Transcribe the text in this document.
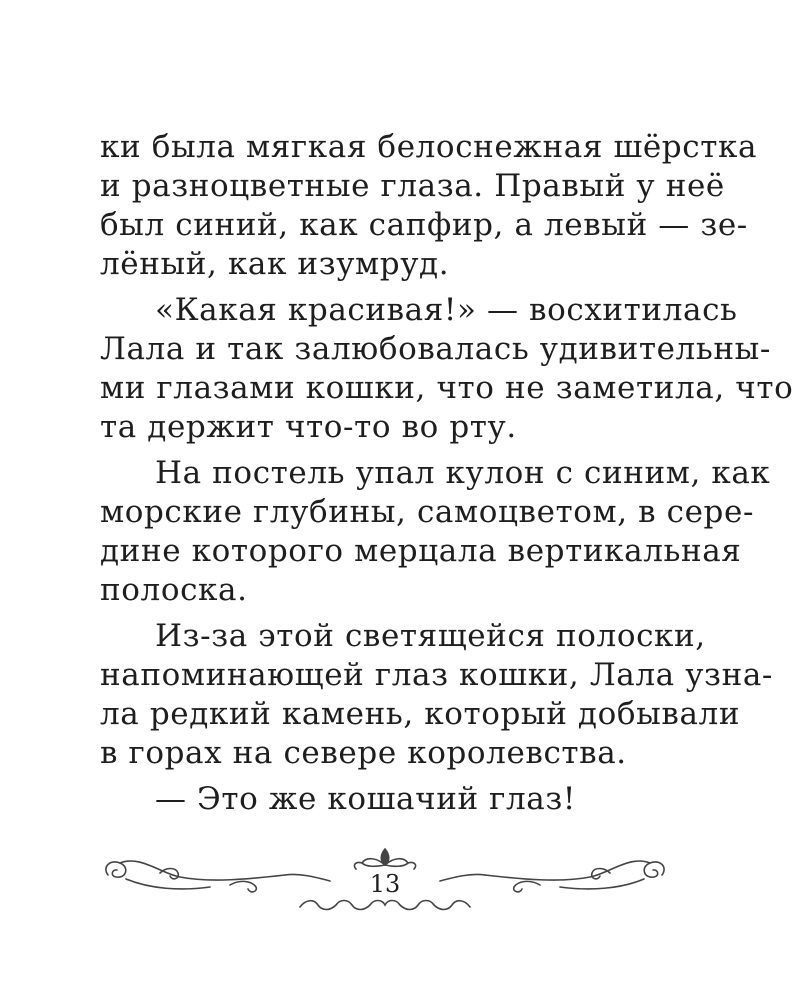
ки была мягкая белоснежная шёрстка
и разноцветные глаза. Правый у неё
был синий, как сапфир, а левый — зе-
лёный, как изумруд.
«Какая красивая!» — восхитилась
Лала и так залюбовалась удивительны-
ми глазами кошки, что не заметила, что
та держит что-то во рту.
На постель упал кулон с синим, как
морские глубины, самоцветом, в сере-
дине которого мерцала вертикальная
полоска.
Из-за этой светящейся полоски,
напоминающей глаз кошки, Лала узна-
ла редкий камень, который добывали
в горах на севере королевства.
— Это же кошачий глаз!
13
